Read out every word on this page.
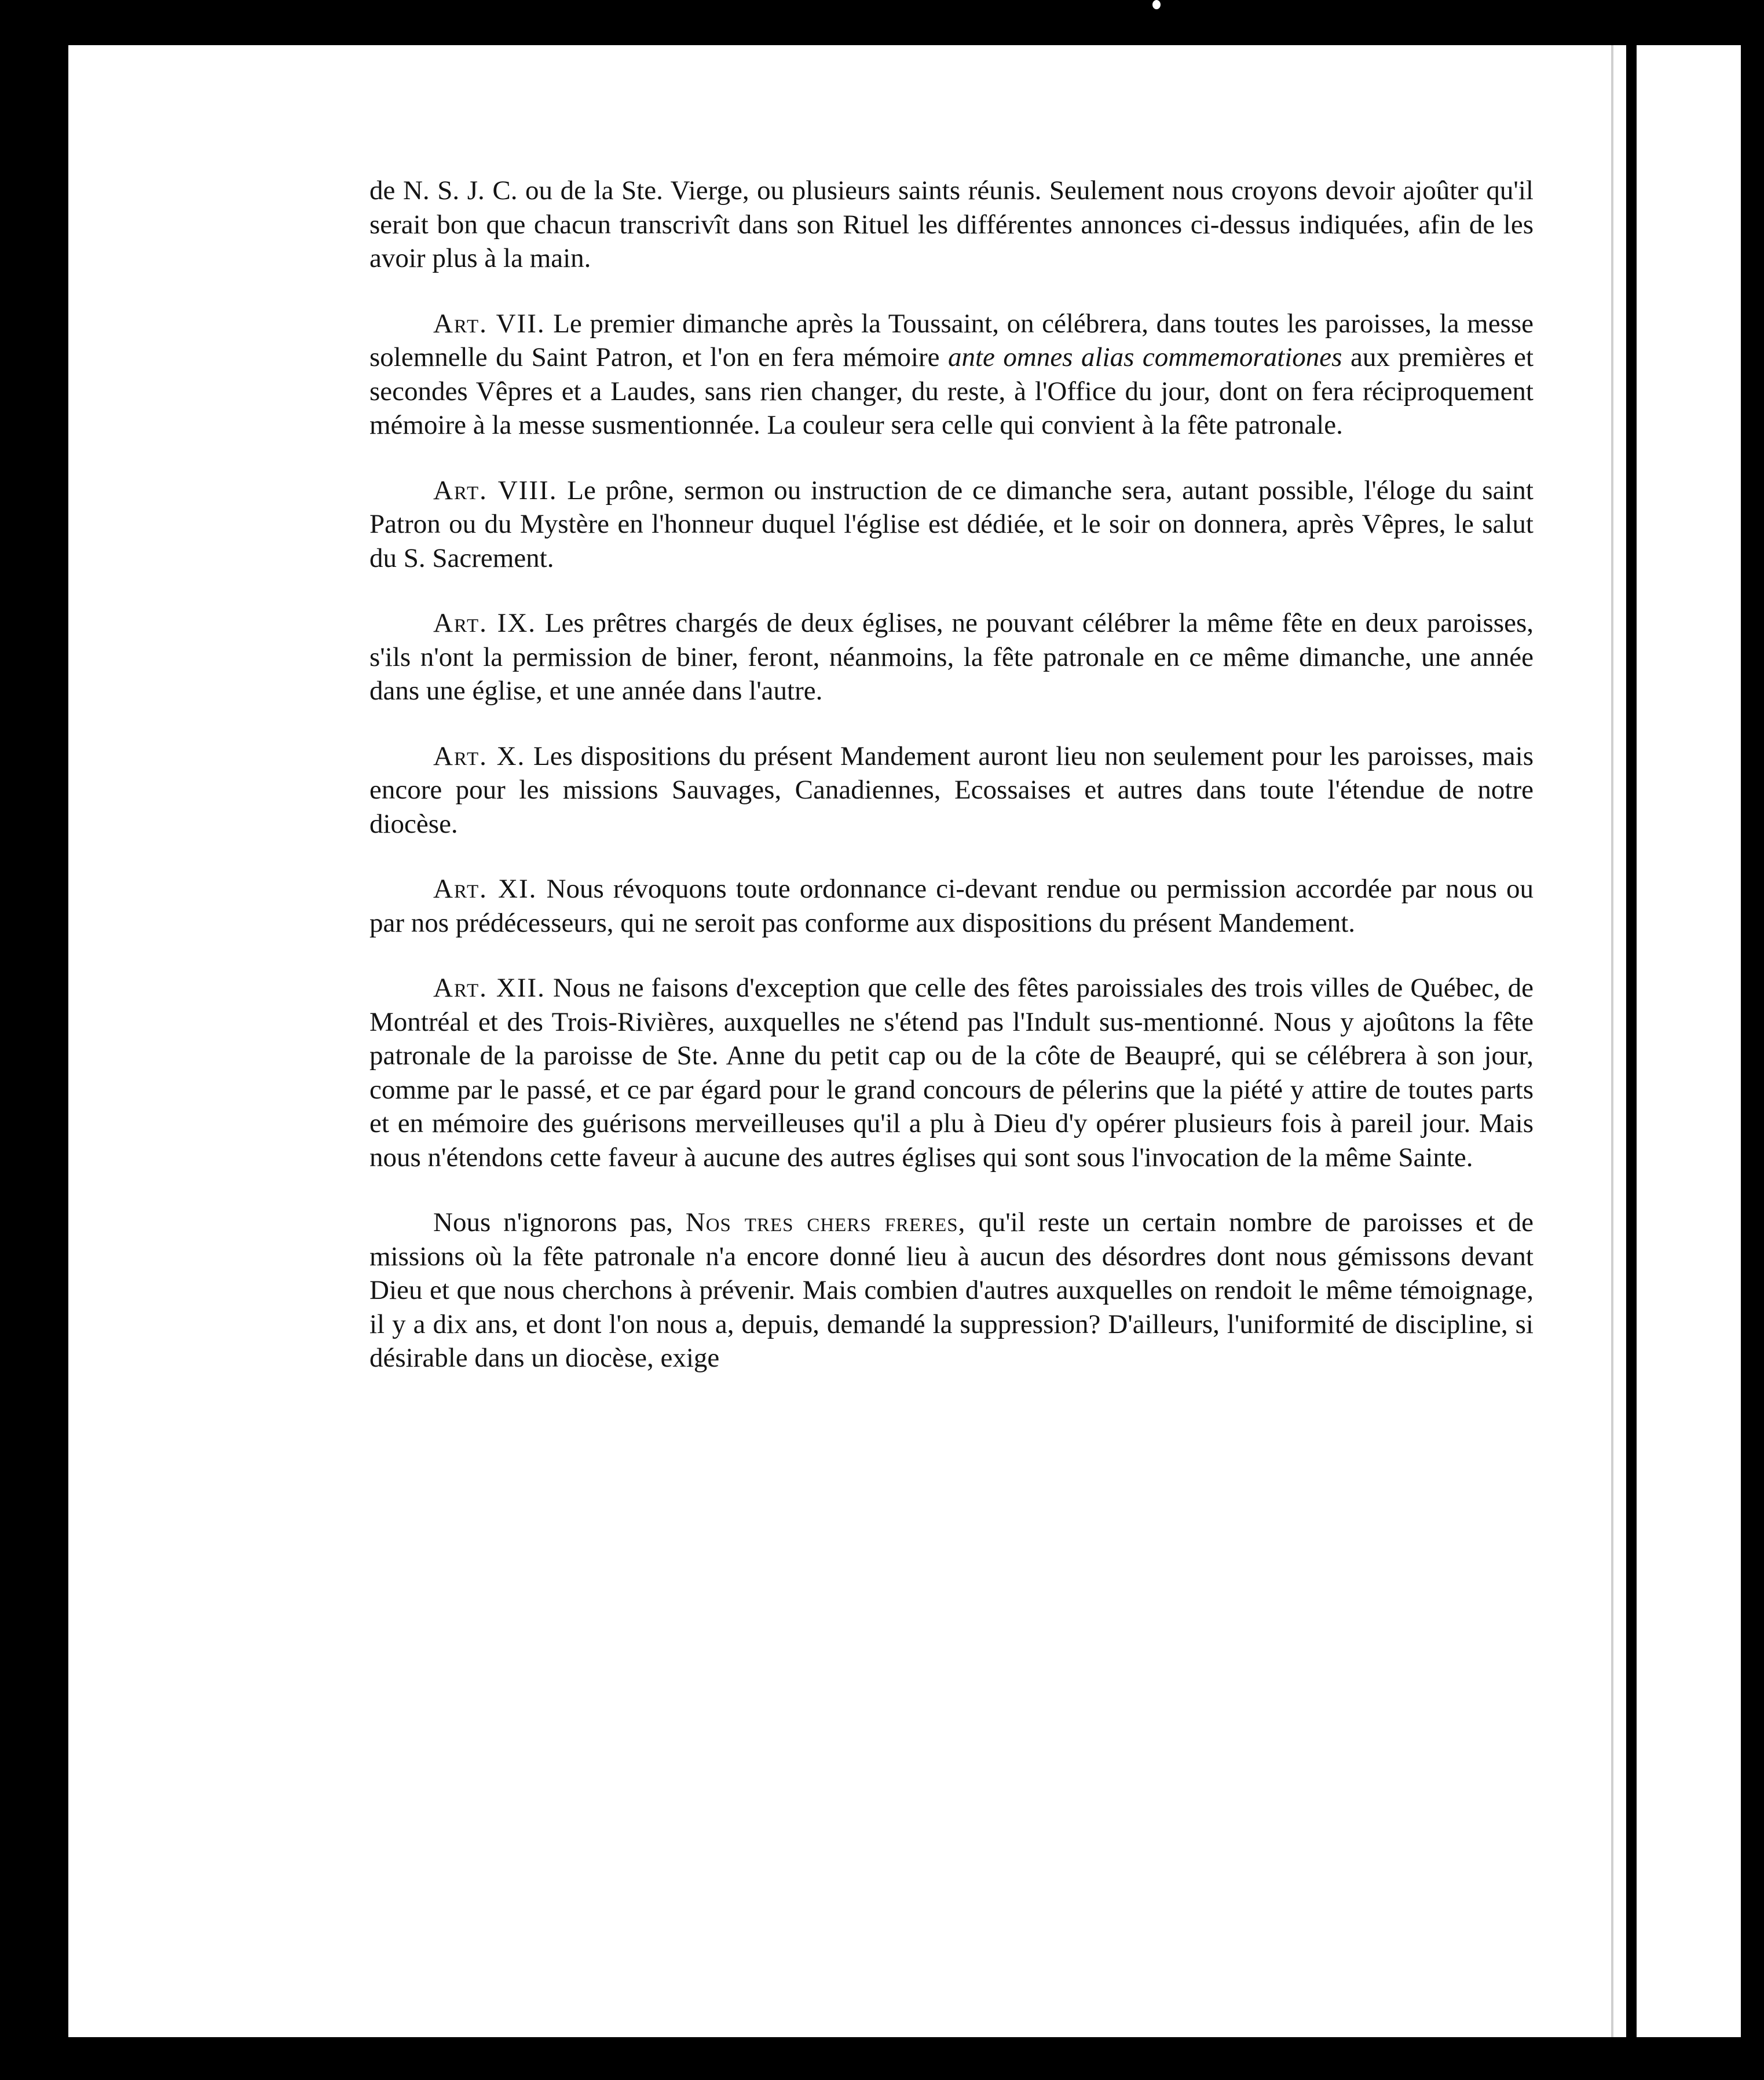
de N. S. J. C. ou de la Ste. Vierge, ou plusieurs saints réunis. Seulement nous croyons devoir ajoûter qu'il serait bon que chacun transcrivît dans son Rituel les différentes annonces ci-dessus indiquées, afin de les avoir plus à la main.

Art. VII. Le premier dimanche après la Toussaint, on célébrera, dans toutes les paroisses, la messe solemnelle du Saint Patron, et l'on en fera mémoire ante omnes alias commemorationes aux premières et secondes Vêpres et a Laudes, sans rien changer, du reste, à l'Office du jour, dont on fera réciproquement mémoire à la messe susmentionnée. La couleur sera celle qui convient à la fête patronale.

Art. VIII. Le prône, sermon ou instruction de ce dimanche sera, autant possible, l'éloge du saint Patron ou du Mystère en l'honneur duquel l'église est dédiée, et le soir on donnera, après Vêpres, le salut du S. Sacrement.

Art. IX. Les prêtres chargés de deux églises, ne pouvant célébrer la même fête en deux paroisses, s'ils n'ont la permission de biner, feront, néanmoins, la fête patronale en ce même dimanche, une année dans une église, et une année dans l'autre.

Art. X. Les dispositions du présent Mandement auront lieu non seulement pour les paroisses, mais encore pour les missions Sauvages, Canadiennes, Ecossaises et autres dans toute l'étendue de notre diocèse.

Art. XI. Nous révoquons toute ordonnance ci-devant rendue ou permission accordée par nous ou par nos prédécesseurs, qui ne seroit pas conforme aux dispositions du présent Mandement.

Art. XII. Nous ne faisons d'exception que celle des fêtes paroissiales des trois villes de Québec, de Montréal et des Trois-Rivières, auxquelles ne s'étend pas l'Indult sus-mentionné. Nous y ajoûtons la fête patronale de la paroisse de Ste. Anne du petit cap ou de la côte de Beaupré, qui se célébrera à son jour, comme par le passé, et ce par égard pour le grand concours de pélerins que la piété y attire de toutes parts et en mémoire des guérisons merveilleuses qu'il a plu à Dieu d'y opérer plusieurs fois à pareil jour. Mais nous n'étendons cette faveur à aucune des autres églises qui sont sous l'invocation de la même Sainte.

Nous n'ignorons pas, Nos tres chers freres, qu'il reste un certain nombre de paroisses et de missions où la fête patronale n'a encore donné lieu à aucun des désordres dont nous gémissons devant Dieu et que nous cherchons à prévenir. Mais combien d'autres auxquelles on rendoit le même témoignage, il y a dix ans, et dont l'on nous a, depuis, demandé la suppression? D'ailleurs, l'uniformité de discipline, si désirable dans un diocèse, exige
